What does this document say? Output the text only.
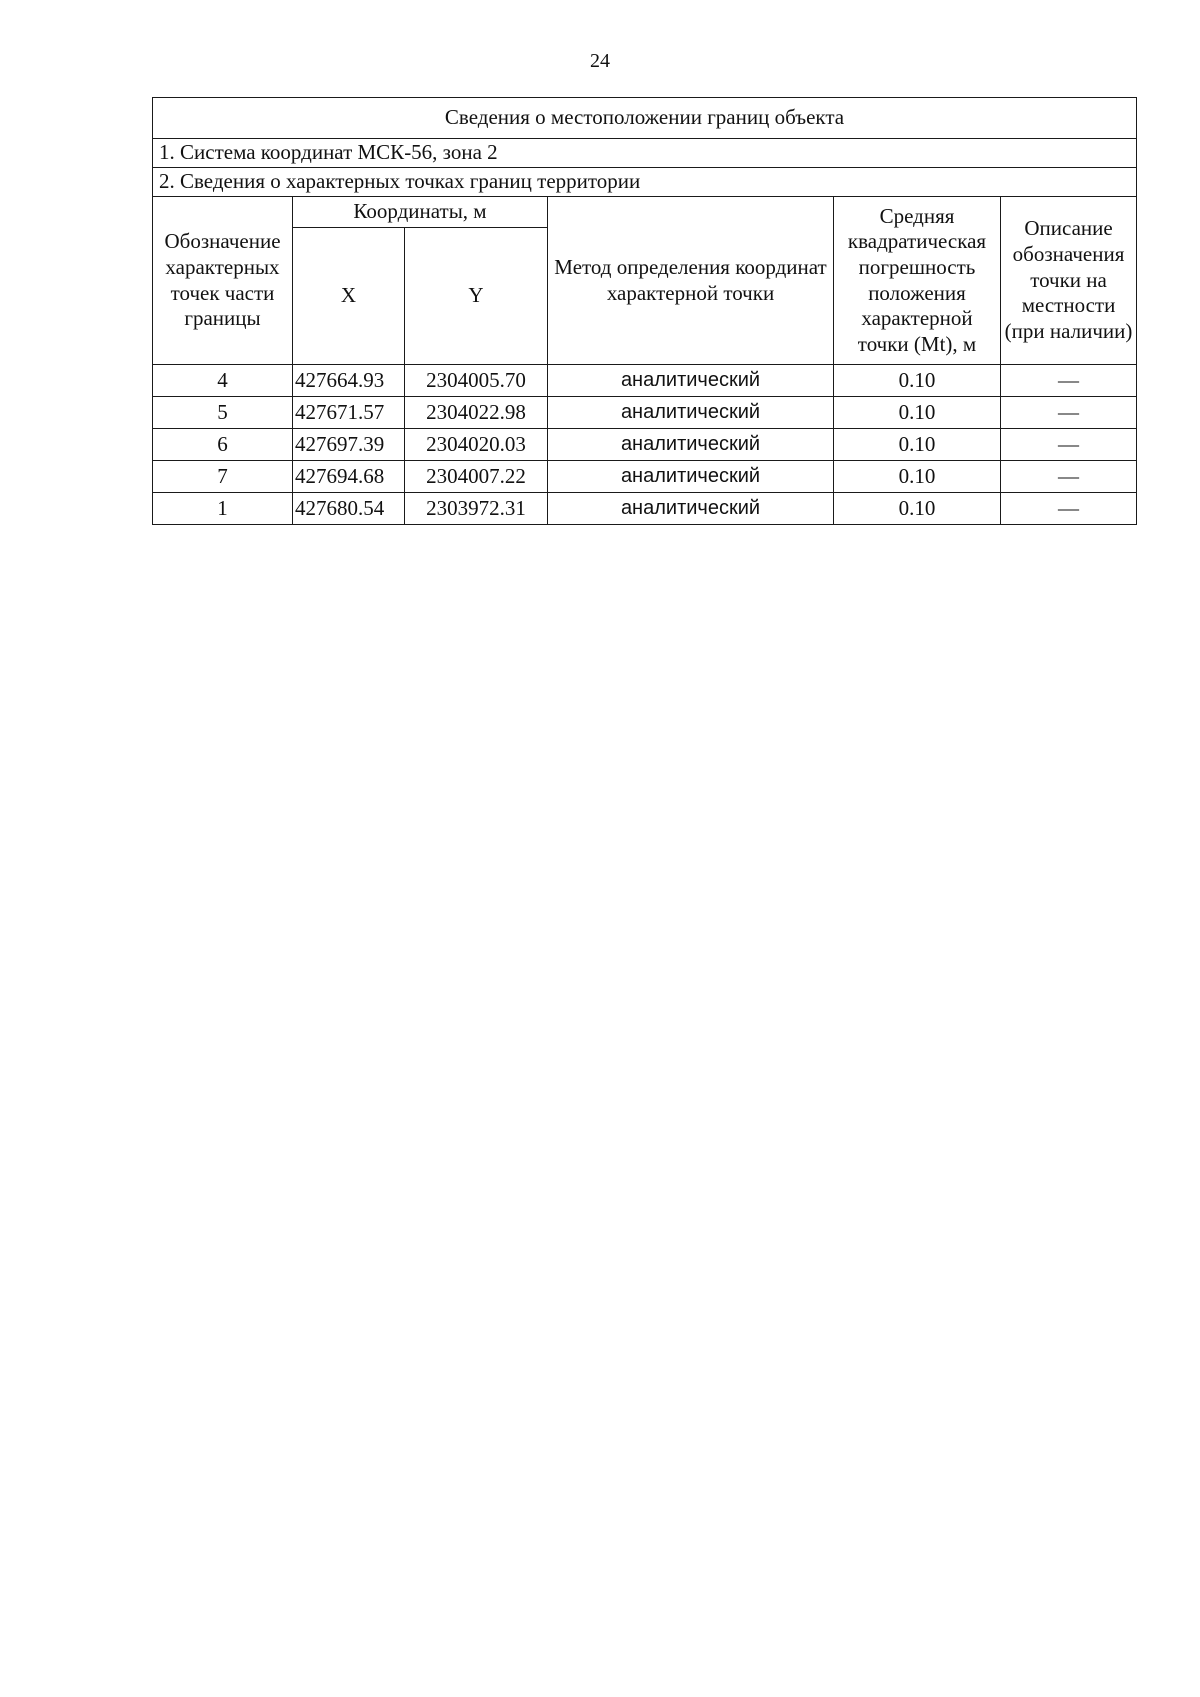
24
Сведения о местоположении границ объекта					
1. Система координат МСК-56, зона 2					
2. Сведения о характерных точках границ территории					
Обозначение характерных точек части границы	Координаты, м		Метод определения координат характерной точки	Средняя квадратическая погрешность положения характерной точки (Mt), м	Описание обозначения точки на местности (при наличии)
	X	Y			
4	427664.93	2304005.70	аналитический	0.10	—
5	427671.57	2304022.98	аналитический	0.10	—
6	427697.39	2304020.03	аналитический	0.10	—
7	427694.68	2304007.22	аналитический	0.10	—
1	427680.54	2303972.31	аналитический	0.10	—
